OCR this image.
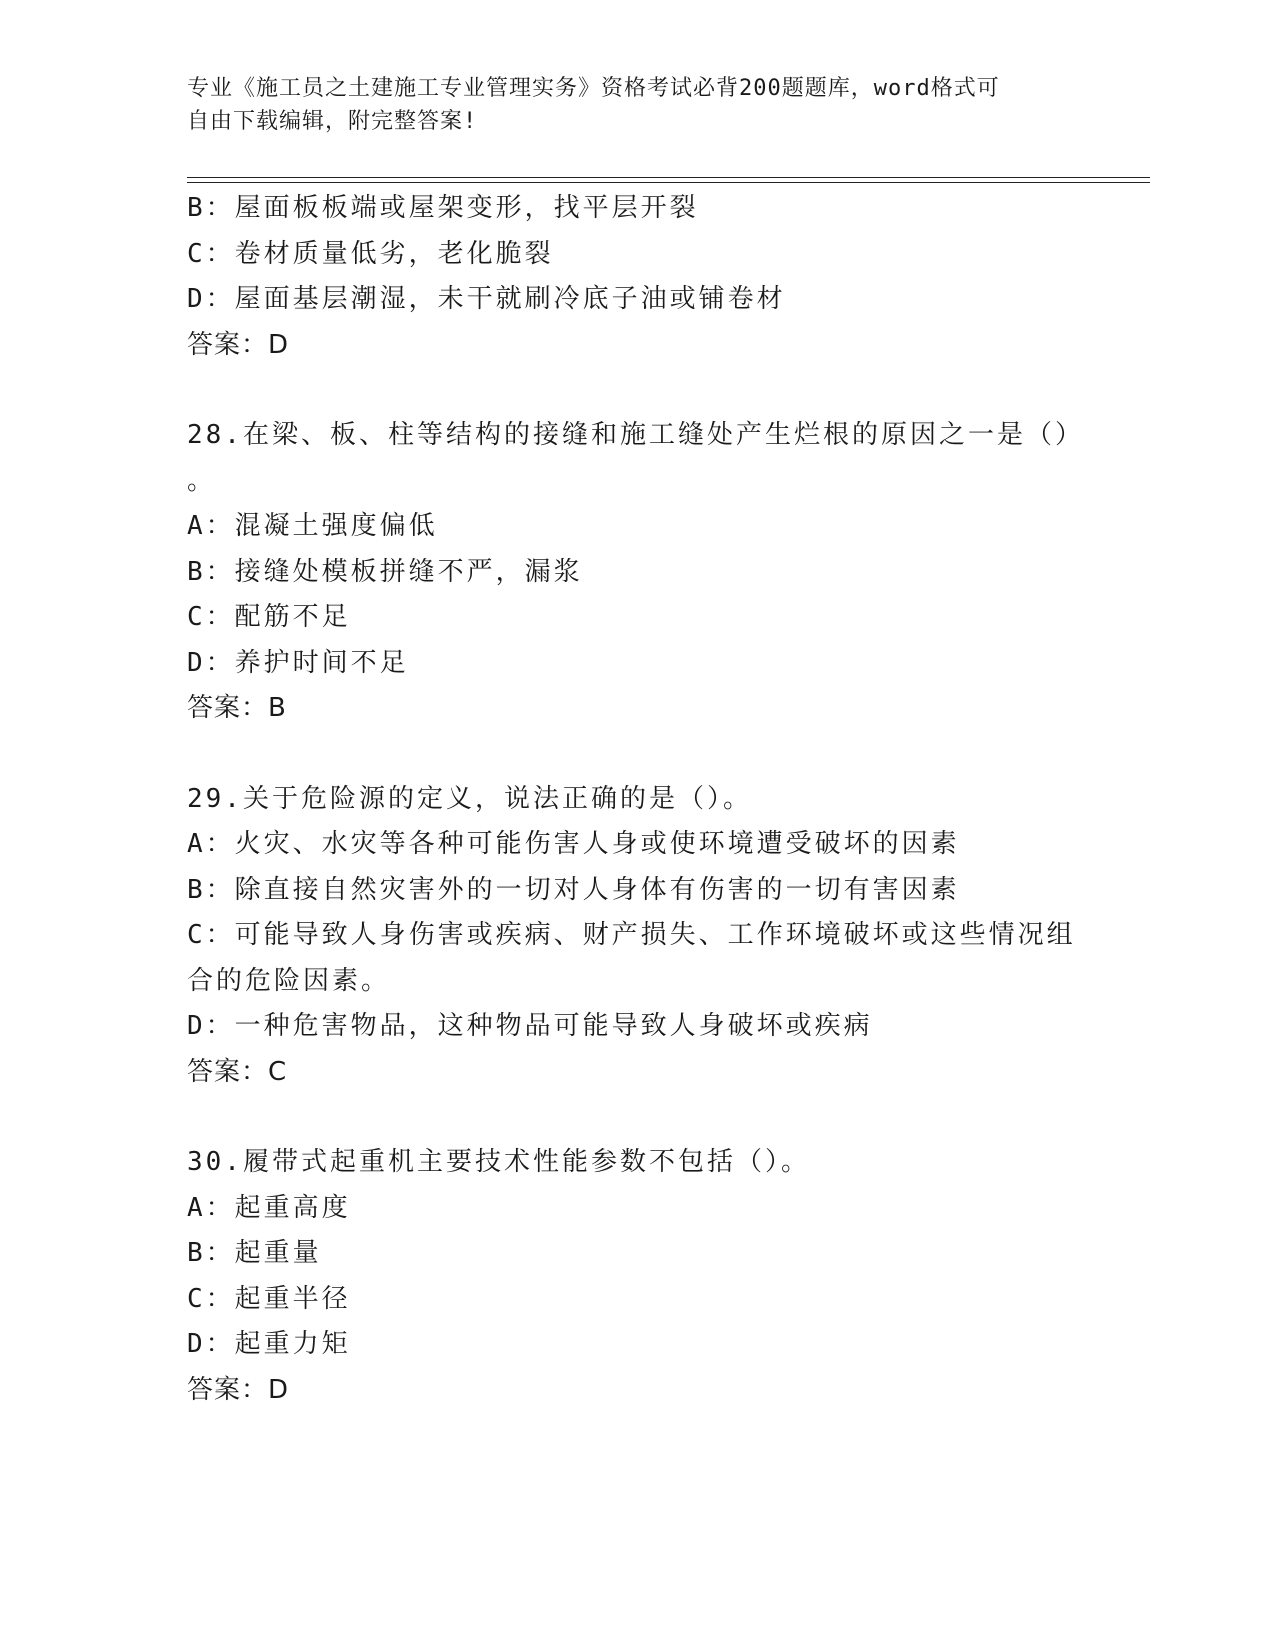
专业《施工员之土建施工专业管理实务》资格考试必背200题题库，word格式可
自由下载编辑，附完整答案!
B：屋面板板端或屋架变形，找平层开裂
C：卷材质量低劣，老化脆裂
D：屋面基层潮湿，未干就刷冷底子油或铺卷材
答案：D
28.在梁、板、柱等结构的接缝和施工缝处产生烂根的原因之一是（）
。
A：混凝土强度偏低
B：接缝处模板拼缝不严，漏浆
C：配筋不足
D：养护时间不足
答案：B
29.关于危险源的定义，说法正确的是（）。
A：火灾、水灾等各种可能伤害人身或使环境遭受破坏的因素
B：除直接自然灾害外的一切对人身体有伤害的一切有害因素
C：可能导致人身伤害或疾病、财产损失、工作环境破坏或这些情况组
合的危险因素。
D：一种危害物品，这种物品可能导致人身破坏或疾病
答案：C
30.履带式起重机主要技术性能参数不包括（）。
A：起重高度
B：起重量
C：起重半径
D：起重力矩
答案：D
